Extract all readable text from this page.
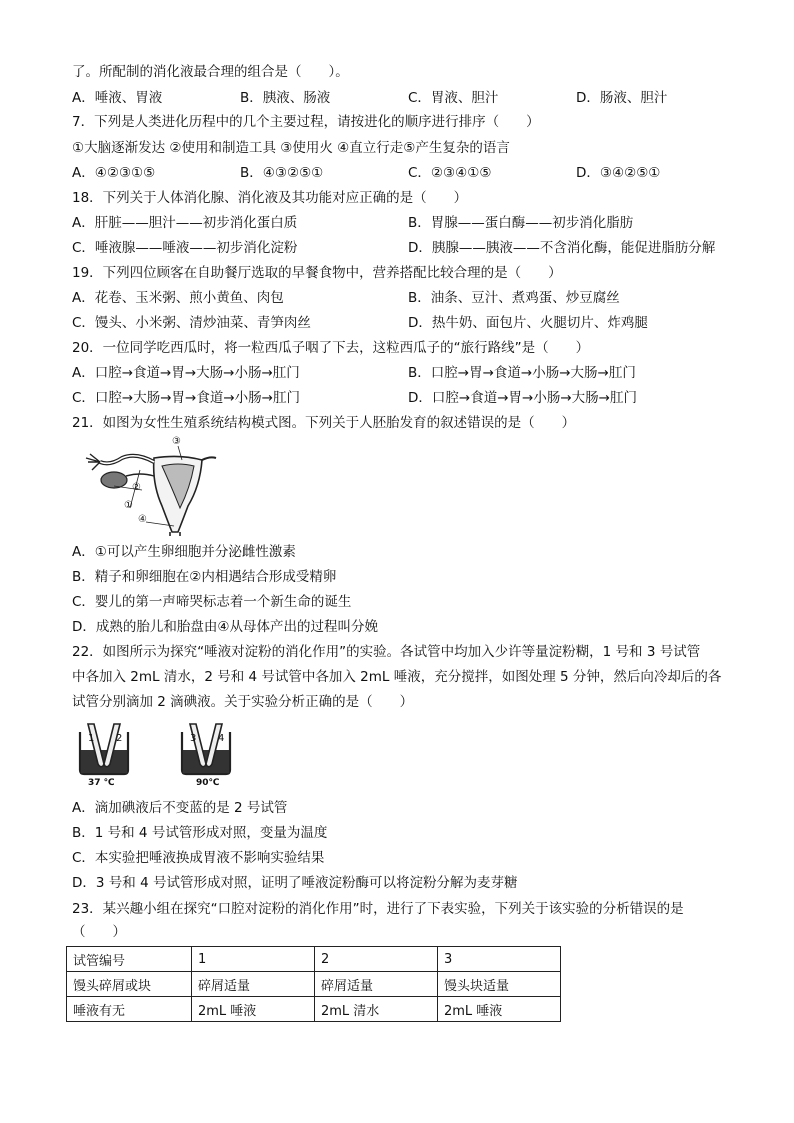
了。所配制的消化液最合理的组合是（　　）。
A．唾液、胃液	B．胰液、肠液	C．胃液、胆汁	D．肠液、胆汁
7．下列是人类进化历程中的几个主要过程，请按进化的顺序进行排序（　　）
①大脑逐渐发达 ②使用和制造工具 ③使用火 ④直立行走⑤产生复杂的语言
A．④②③①⑤	B．④③②⑤①	C．②③④①⑤	D．③④②⑤①
18．下列关于人体消化腺、消化液及其功能对应正确的是（　　）
A．肝脏——胆汁——初步消化蛋白质	B．胃腺——蛋白酶——初步消化脂肪
C．唾液腺——唾液——初步消化淀粉	D．胰腺——胰液——不含消化酶，能促进脂肪分解
19．下列四位顾客在自助餐厅选取的早餐食物中，营养搭配比较合理的是（　　）
A．花卷、玉米粥、煎小黄鱼、肉包	B．油条、豆汁、煮鸡蛋、炒豆腐丝
C．馒头、小米粥、清炒油菜、青笋肉丝	D．热牛奶、面包片、火腿切片、炸鸡腿
20．一位同学吃西瓜时，将一粒西瓜子咽了下去，这粒西瓜子的“旅行路线”是（　　）
A．口腔→食道→胃→大肠→小肠→肛门	B．口腔→胃→食道→小肠→大肠→肛门
C．口腔→大肠→胃→食道→小肠→肛门	D．口腔→食道→胃→小肠→大肠→肛门
21．如图为女性生殖系统结构模式图。下列关于人胚胎发育的叙述错误的是（　　）
③
②
①
④
A．①可以产生卵细胞并分泌雌性激素
B．精子和卵细胞在②内相遇结合形成受精卵
C．婴儿的第一声啼哭标志着一个新生命的诞生
D．成熟的胎儿和胎盘由④从母体产出的过程叫分娩
22．如图所示为探究“唾液对淀粉的消化作用”的实验。各试管中均加入少许等量淀粉糊，1 号和 3 号试管
中各加入 2mL 清水，2 号和 4 号试管中各加入 2mL 唾液，充分搅拌，如图处理 5 分钟，然后向冷却后的各
试管分别滴加 2 滴碘液。关于实验分析正确的是（　　）
1 2
37 ℃
3 4
90℃
A．滴加碘液后不变蓝的是 2 号试管
B．1 号和 4 号试管形成对照，变量为温度
C．本实验把唾液换成胃液不影响实验结果
D．3 号和 4 号试管形成对照，证明了唾液淀粉酶可以将淀粉分解为麦芽糖
23．某兴趣小组在探究“口腔对淀粉的消化作用”时，进行了下表实验，下列关于该实验的分析错误的是
（　　）
试管编号	1	2	3
馒头碎屑或块	碎屑适量	碎屑适量	馒头块适量
唾液有无	2mL 唾液	2mL 清水	2mL 唾液
